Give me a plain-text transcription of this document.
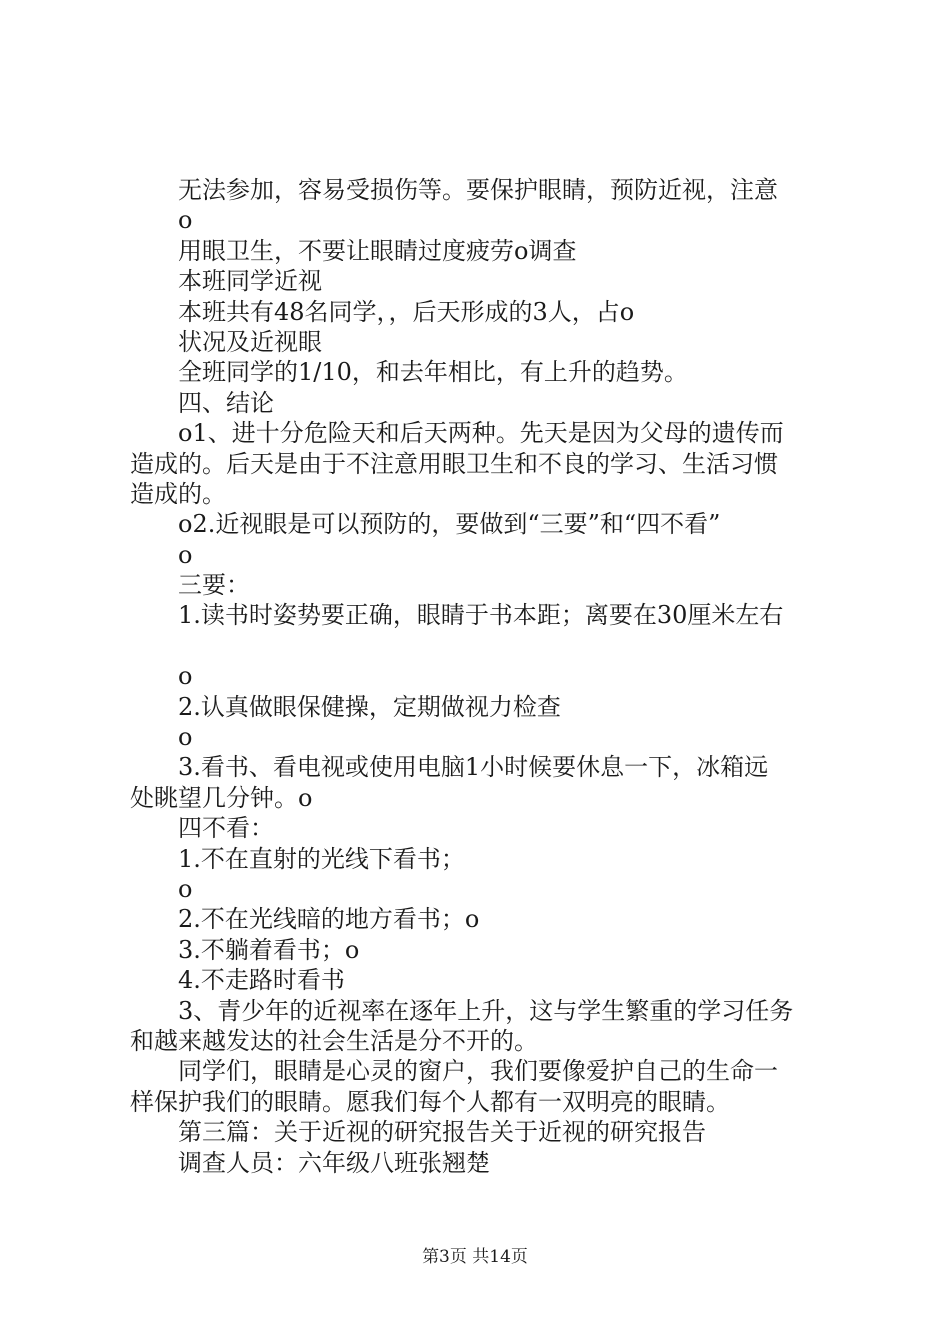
无法参加，容易受损伤等。要保护眼睛，预防近视，注意
o
用眼卫生，不要让眼睛过度疲劳o调查
本班同学近视
本班共有48名同学，，后天形成的3人，占o
状况及近视眼
全班同学的1/10，和去年相比，有上升的趋势。
四、结论
o1、进十分危险天和后天两种。先天是因为父母的遗传而
造成的。后天是由于不注意用眼卫生和不良的学习、生活习惯
造成的。
o2.近视眼是可以预防的，要做到“三要”和“四不看”
o
三要：
1.读书时姿势要正确，眼睛于书本距；离要在30厘米左右
o
2.认真做眼保健操，定期做视力检查
o
3.看书、看电视或使用电脑1小时候要休息一下，冰箱远
处眺望几分钟。o
四不看：
1.不在直射的光线下看书；
o
2.不在光线暗的地方看书；o
3.不躺着看书；o
4.不走路时看书
3、青少年的近视率在逐年上升，这与学生繁重的学习任务
和越来越发达的社会生活是分不开的。
同学们，眼睛是心灵的窗户，我们要像爱护自己的生命一
样保护我们的眼睛。愿我们每个人都有一双明亮的眼睛。
第三篇：关于近视的研究报告关于近视的研究报告
调查人员：六年级八班张翘楚
第3页 共14页
